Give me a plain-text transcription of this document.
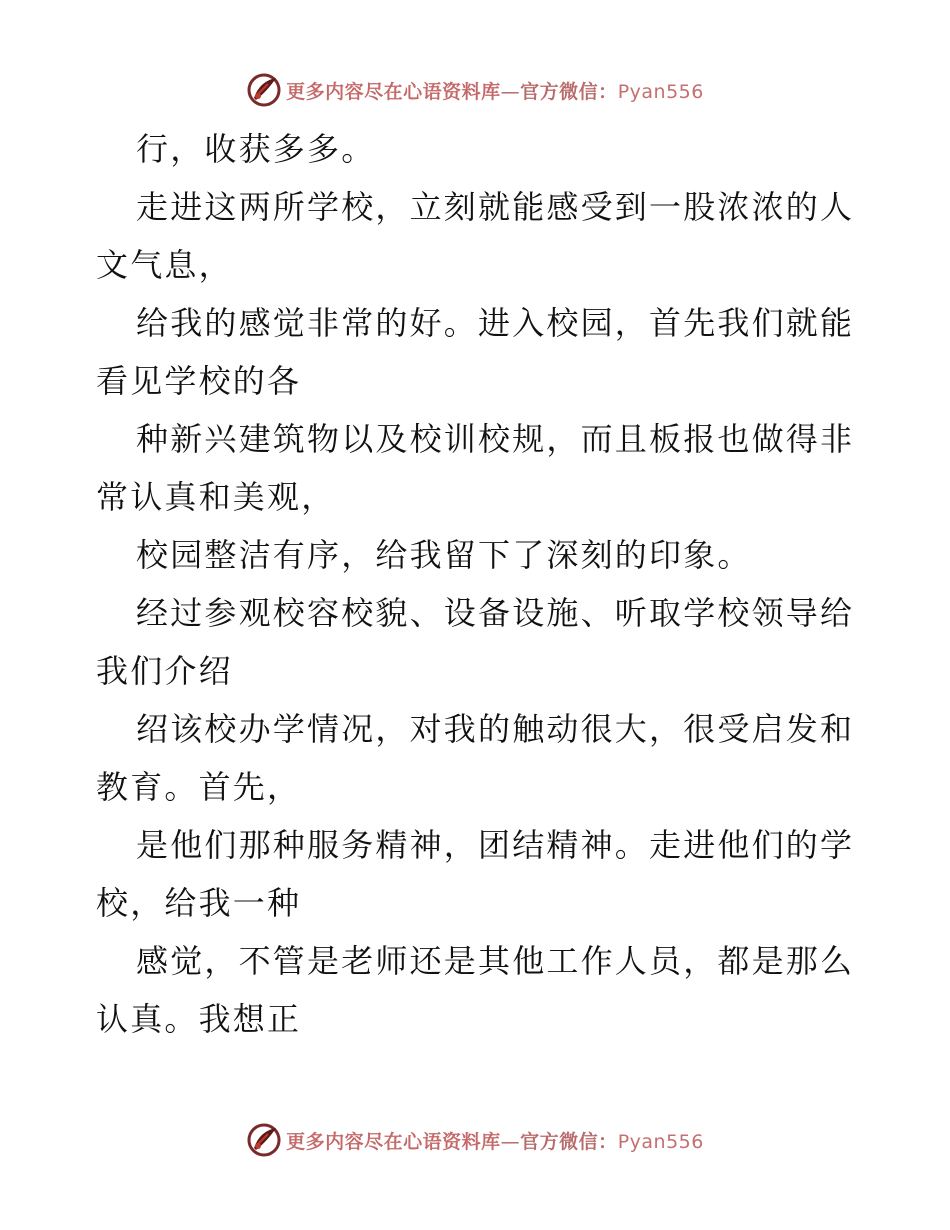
更多内容尽在心语资料库—官方微信：Pyan556
行，收获多多。
走进这两所学校，立刻就能感受到一股浓浓的人
文气息，
给我的感觉非常的好。进入校园，首先我们就能
看见学校的各
种新兴建筑物以及校训校规，而且板报也做得非
常认真和美观，
校园整洁有序，给我留下了深刻的印象。
经过参观校容校貌、设备设施、听取学校领导给
我们介绍
绍该校办学情况，对我的触动很大，很受启发和
教育。首先，
是他们那种服务精神，团结精神。走进他们的学
校，给我一种
感觉，不管是老师还是其他工作人员，都是那么
认真。我想正
更多内容尽在心语资料库—官方微信：Pyan556
